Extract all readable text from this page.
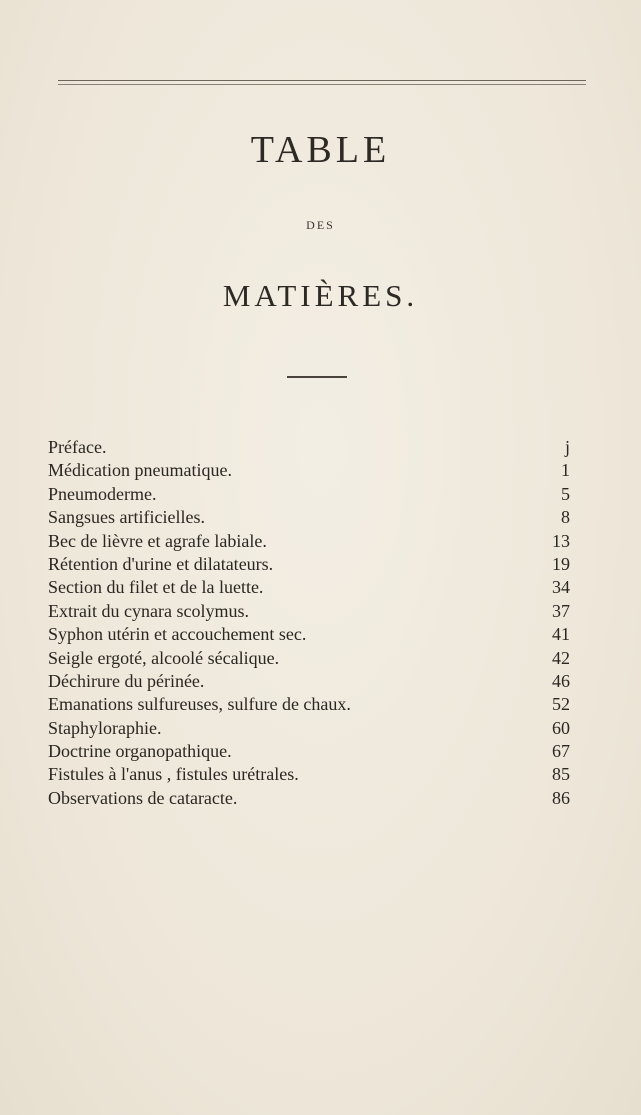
TABLE
DES
MATIÈRES.
Préface.	j
Médication pneumatique.	1
Pneumoderme.	5
Sangsues artificielles.	8
Bec de lièvre et agrafe labiale.	13
Rétention d'urine et dilatateurs.	19
Section du filet et de la luette.	34
Extrait du cynara scolymus.	37
Syphon utérin et accouchement sec.	41
Seigle ergoté, alcoolé sécalique.	42
Déchirure du périnée.	46
Emanations sulfureuses, sulfure de chaux.	52
Staphyloraphie.	60
Doctrine organopathique.	67
Fistules à l'anus , fistules urétrales.	85
Observations de cataracte.	86
